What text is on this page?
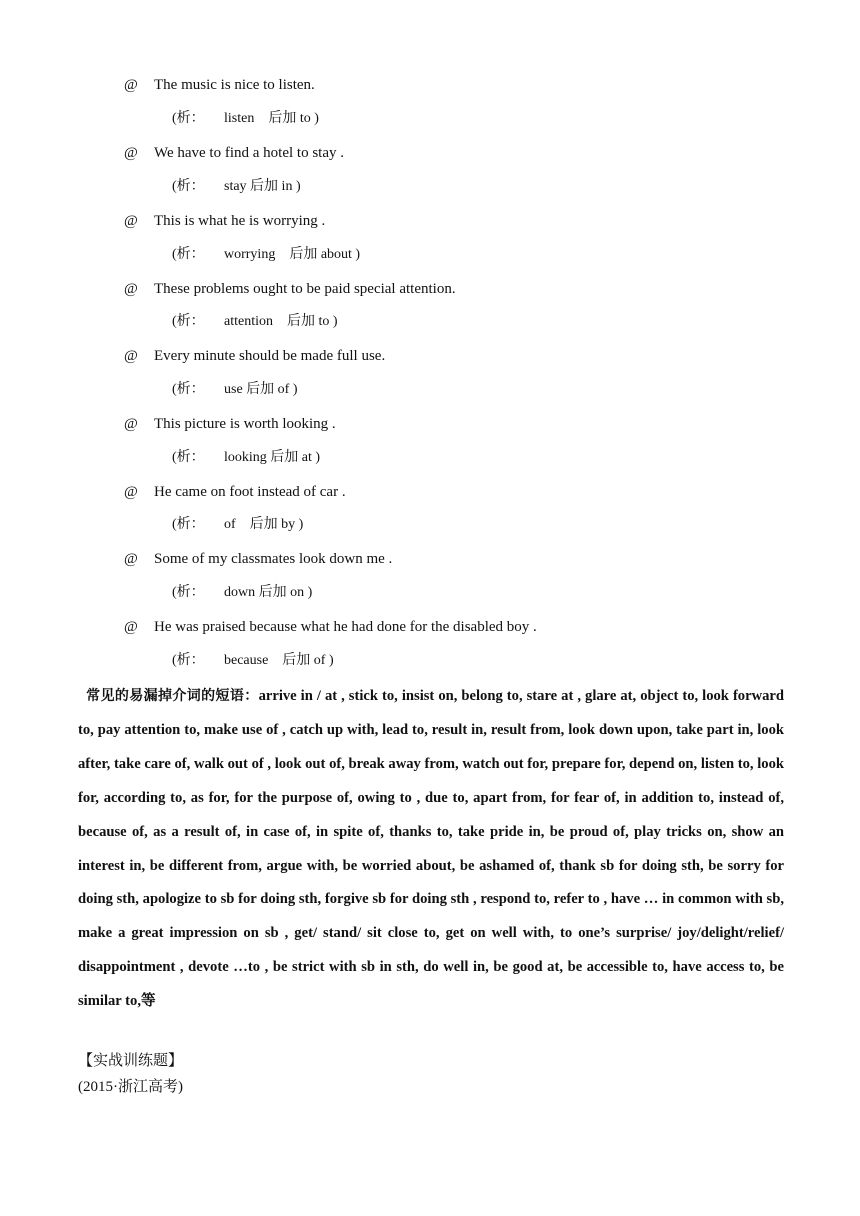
@ The music is nice to listen.
(析： listen　后加 to )
@ We have to find a hotel to stay .
(析： stay 后加 in )
@ This is what he is worrying .
(析： worrying　后加 about )
@ These problems ought to be paid special attention.
(析： attention　后加 to )
@ Every minute should be made full use.
(析： use 后加 of )
@ This picture is worth looking .
(析： looking 后加 at )
@ He came on foot instead of car .
(析： of　后加 by )
@ Some of my classmates look down me .
(析： down 后加 on )
@ He was praised because what he had done for the disabled boy .
(析： because　后加 of )
常见的易漏掉介词的短语：arrive in / at , stick to, insist on, belong to, stare at , glare at, object to, look forward to, pay attention to, make use of , catch up with, lead to, result in, result from, look down upon, take part in, look after, take care of, walk out of , look out of, break away from, watch out for, prepare for, depend on, listen to, look for, according to, as for, for the purpose of, owing to , due to, apart from, for fear of, in addition to, instead of, because of, as a result of, in case of, in spite of, thanks to, take pride in, be proud of, play tricks on, show an interest in, be different from, argue with, be worried about, be ashamed of, thank sb for doing sth, be sorry for doing sth, apologize to sb for doing sth, forgive sb for doing sth , respond to, refer to , have … in common with sb, make a great impression on sb , get/ stand/ sit close to, get on well with, to one’s surprise/ joy/delight/relief/ disappointment , devote …to , be strict with sb in sth, do well in, be good at, be accessible to, have access to, be similar to,等
【实战训练题】
(2015·浙江高考)
